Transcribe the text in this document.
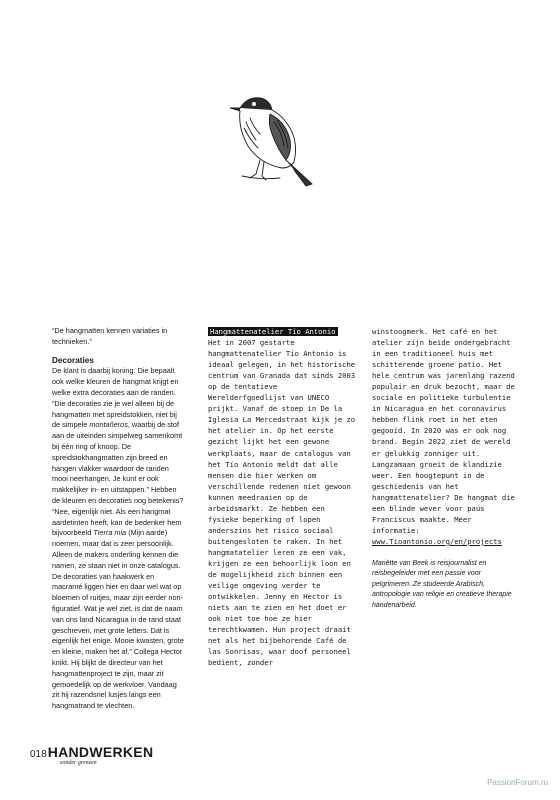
“De hangmatten kennen variaties in technieken.”

Decoraties

De klant is daarbij koning. Die bepaalt ook welke kleuren de hangmat krijgt en welke extra decoraties aan de randen. “Die decoraties zie je wel alleen bij de hangmatten met spreidstokken, niet bij de simpele montañeros, waarbij de stof aan de uiteinden simpelweg samenkomt bij één ring of knoop. De spreidstokhangmatten zijn breed en hangen vlakker waardoor de randen mooi neerhangen. Je kunt er ook makkelijker in- en uitstappen.” Hebben de kleuren en decoraties nog betekenis? “Nee, eigenlijk niet. Als een hangmat aardetinten heeft, kan de bedenker hem bijvoorbeeld Tierra mia (Mijn aarde) noemen, maar dat is zeer persoonlijk. Alleen de makers onderling kennen die namen, ze staan niet in onze catalogus. De decoraties van haakwerk en macramé liggen hier en daar wel wat op bloemen of ruitjes, maar zijn eerder non-figuratief. Wat je wel ziet, is dat de naam van ons land Nicaragua in de rand staat geschreven, met grote letters. Dat is eigenlijk het enige. Mooie kwasten, grote en kleine, maken het af.” Collega Hector knikt. Hij blijkt de directeur van het hangmattenproject te zijn, maar zit gemoedelijk op de werkvloer. Vandaag zit hij razendsnel lusjes langs een hangmatrand te vlechten.

Hangmattenatelier Tío Antonio

Het in 2007 gestarte hangmattenatelier Tío Antonio is ideaal gelegen, in het historische centrum van Granada dat sinds 2003 op de tentatieve Werelderfgoedlijst van UNECO prijkt. Vanaf de stoep in De la Iglesia La Mercedstraat kijk je zo het atelier in. Op het eerste gezicht lijkt het een gewone werkplaats, maar de catalogus van het Tío Antonio meldt dat alle mensen die hier werken om verschillende redenen niet gewoon kunnen meedraaien op de arbeidsmarkt. Ze hebben een fysieke beperking of lopen anderszins het risico sociaal buitengesloten te raken. In het hangmatatelier leren ze een vak, krijgen ze een behoorlijk loon en de mogelijkheid zich binnen een veilige omgeving verder te ontwikkelen. Jenny en Hector is niets aan te zien en het doet er ook niet toe hoe ze hier terechtkwamen. Hun project draait net als het bijbehorende Café de las Sonrisas, waar doof personeel bedient, zonder

winstoogmerk. Het café en het atelier zijn beide ondergebracht in een traditioneel huis met schitterende groene patio. Het hele centrum was jarenlang razend populair en druk bezocht, maar de sociale en politieke turbulentie in Nicaragua en het coronavirus hebben flink roet in het eten gegooid. In 2020 was er ook nog brand. Begin 2022 ziet de wereld er gelukkig zonniger uit. Langzamaan groeit de klandizie weer. Een hoogtepunt in de geschiedenis van het hangmattenatelier? De hangmat die een blinde wever voor paus Franciscus maakte. Meer informatie: www.Tioantonio.org/en/projects

Mariëtte van Beek is reisjournalist en reisbegeleider met een passie voor pelgrimeren. Ze studeerde Arabisch, antropologie van religie en creatieve therapie handenarbeid.

018 HANDWERKEN
zonder grenzen
PassionForum.ru
